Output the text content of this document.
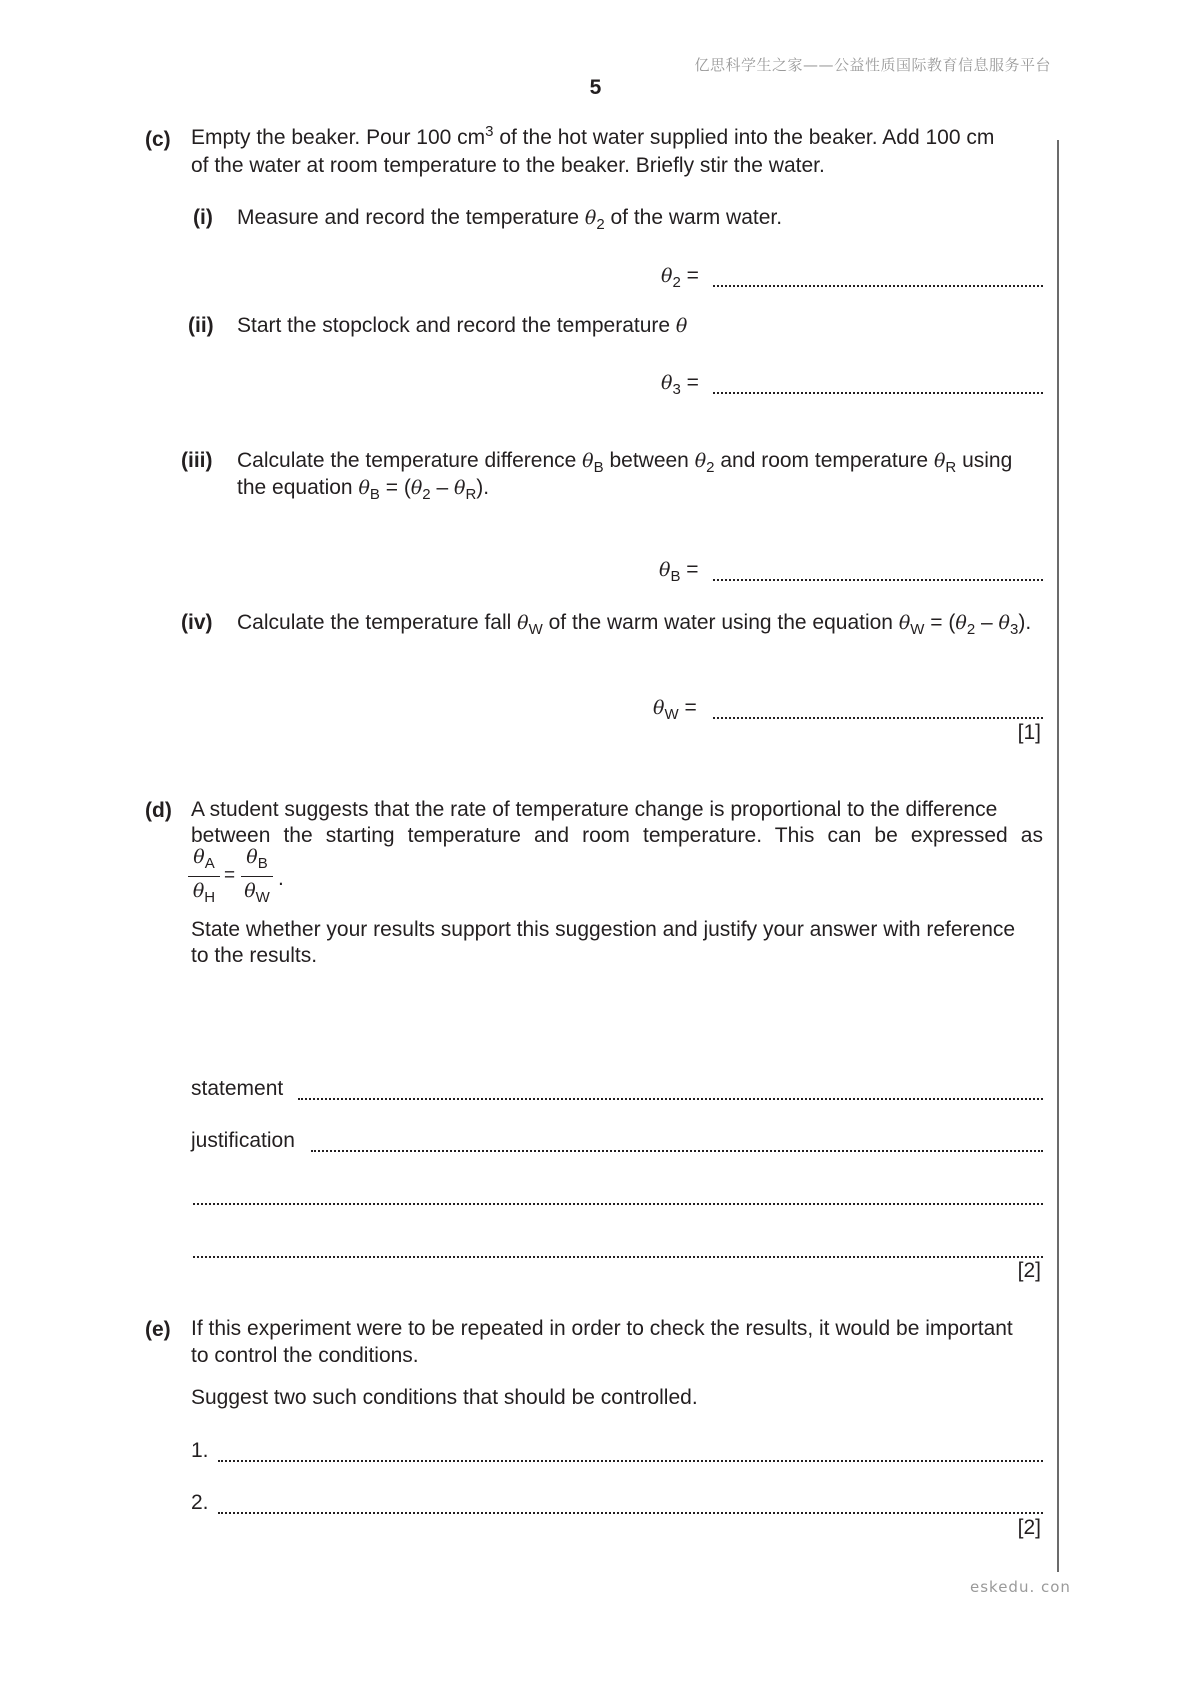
亿思科学生之家——公益性质国际教育信息服务平台
5
(c) Empty the beaker. Pour 100 $cm^3$ of the hot water supplied into the beaker. Add 100 cm
of the water at room temperature to the beaker. Briefly stir the water.
(i) Measure and record the temperature $\theta_2$ of the warm water.
$\theta_2$ =
(ii) Start the stopclock and record the temperature θ
$\theta_3$ =
(iii) Calculate the temperature difference $\theta_B$ between $\theta_2$ and room temperature $\theta_R$ using
the equation $\theta_B = (\theta_2 - \theta_R)$.
$\theta_B$ =
(iv) Calculate the temperature fall $\theta_W$ of the warm water using the equation $\theta_W = (\theta_2 - \theta_3)$.
$\theta_W$ =
[1]
(d) A student suggests that the rate of temperature change is proportional to the difference
between the starting temperature and room temperature. This can be expressed as
$\theta_A$
$\theta_H$
=
$\theta_B$
$\theta_W$
.
State whether your results support this suggestion and justify your answer with reference
to the results.
statement
justification
[2]
(e) If this experiment were to be repeated in order to check the results, it would be important
to control the conditions.
Suggest two such conditions that should be controlled.
1.
2.
[2]
eskedu. con
